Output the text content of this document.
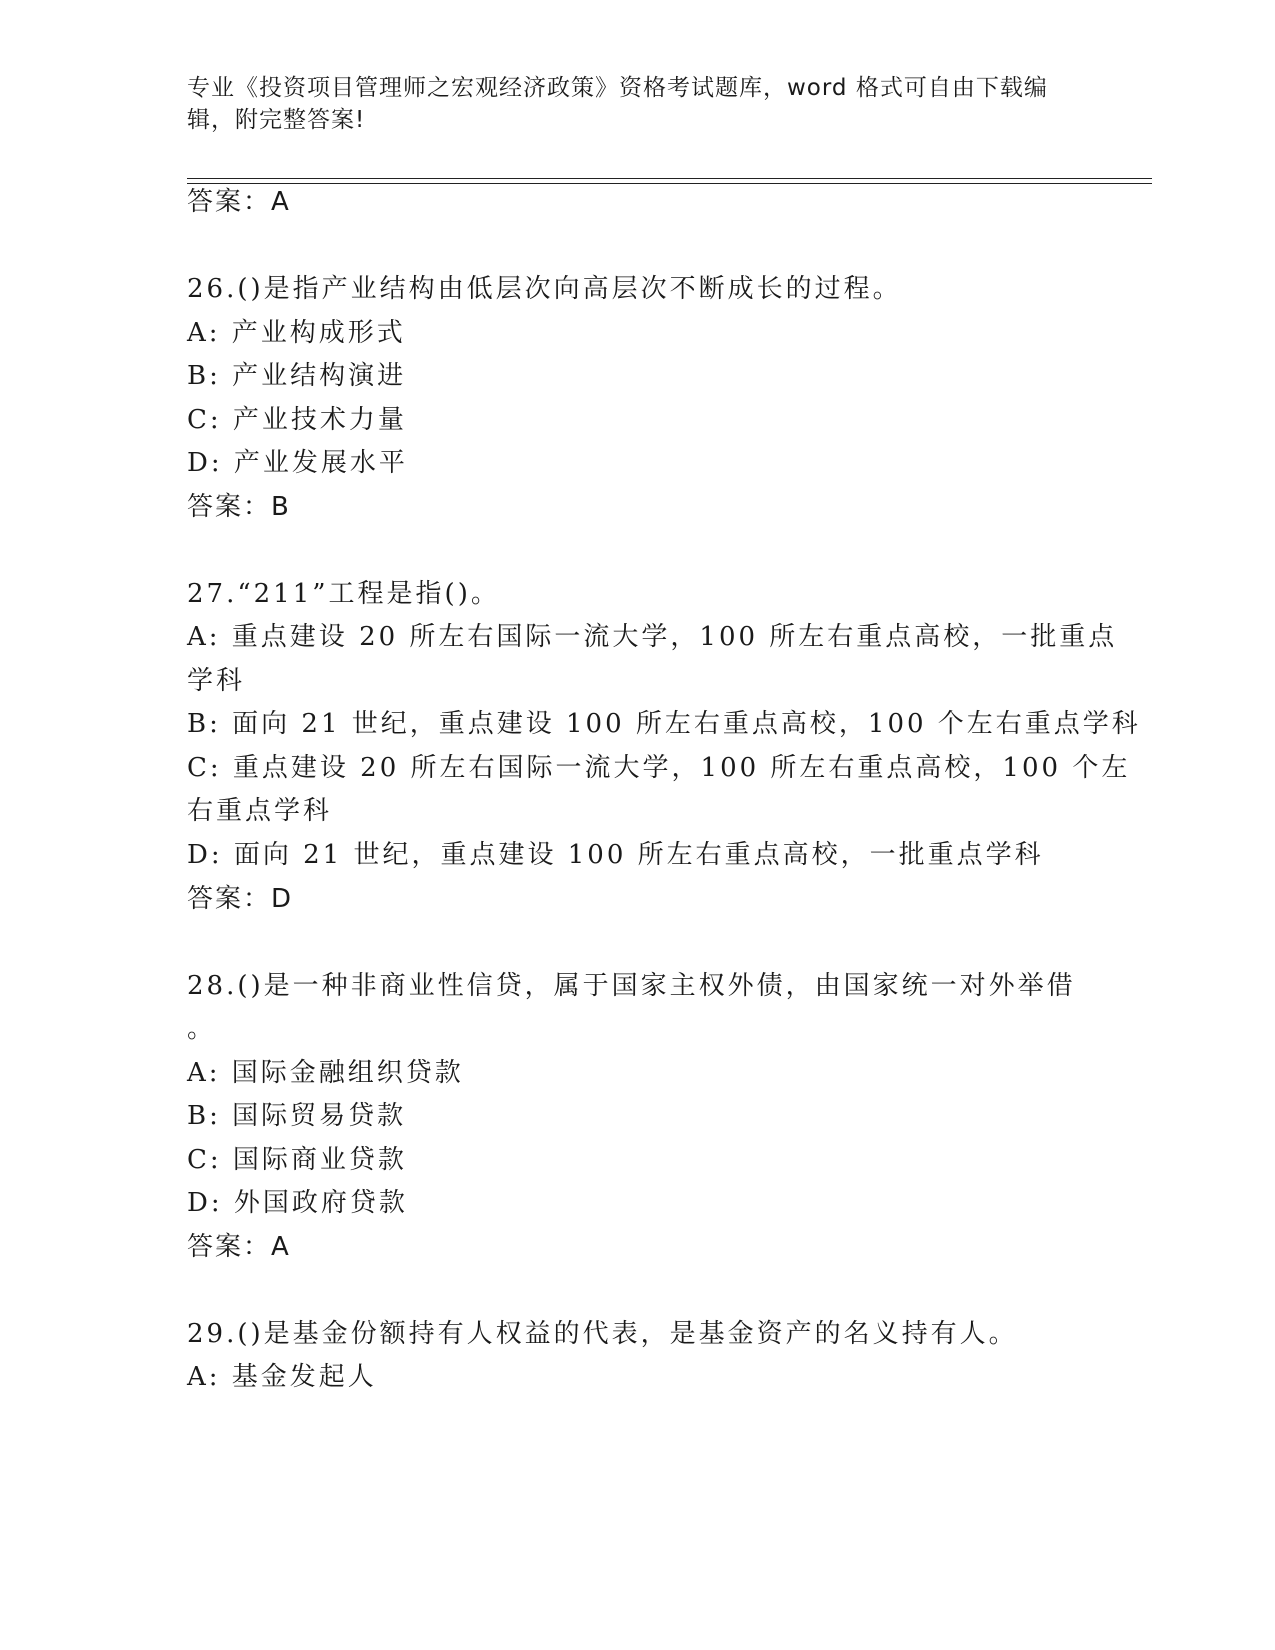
专业《投资项目管理师之宏观经济政策》资格考试题库，word 格式可自由下载编
辑，附完整答案!
答案：A
26.()是指产业结构由低层次向高层次不断成长的过程。
A: 产业构成形式
B: 产业结构演进
C: 产业技术力量
D: 产业发展水平
答案：B
27.“211”工程是指()。
A: 重点建设 20 所左右国际一流大学，100 所左右重点高校，一批重点
学科
B: 面向 21 世纪，重点建设 100 所左右重点高校，100 个左右重点学科
C: 重点建设 20 所左右国际一流大学，100 所左右重点高校，100 个左
右重点学科
D: 面向 21 世纪，重点建设 100 所左右重点高校，一批重点学科
答案：D
28.()是一种非商业性信贷，属于国家主权外债，由国家统一对外举借
。
A: 国际金融组织贷款
B: 国际贸易贷款
C: 国际商业贷款
D: 外国政府贷款
答案：A
29.()是基金份额持有人权益的代表，是基金资产的名义持有人。
A: 基金发起人
